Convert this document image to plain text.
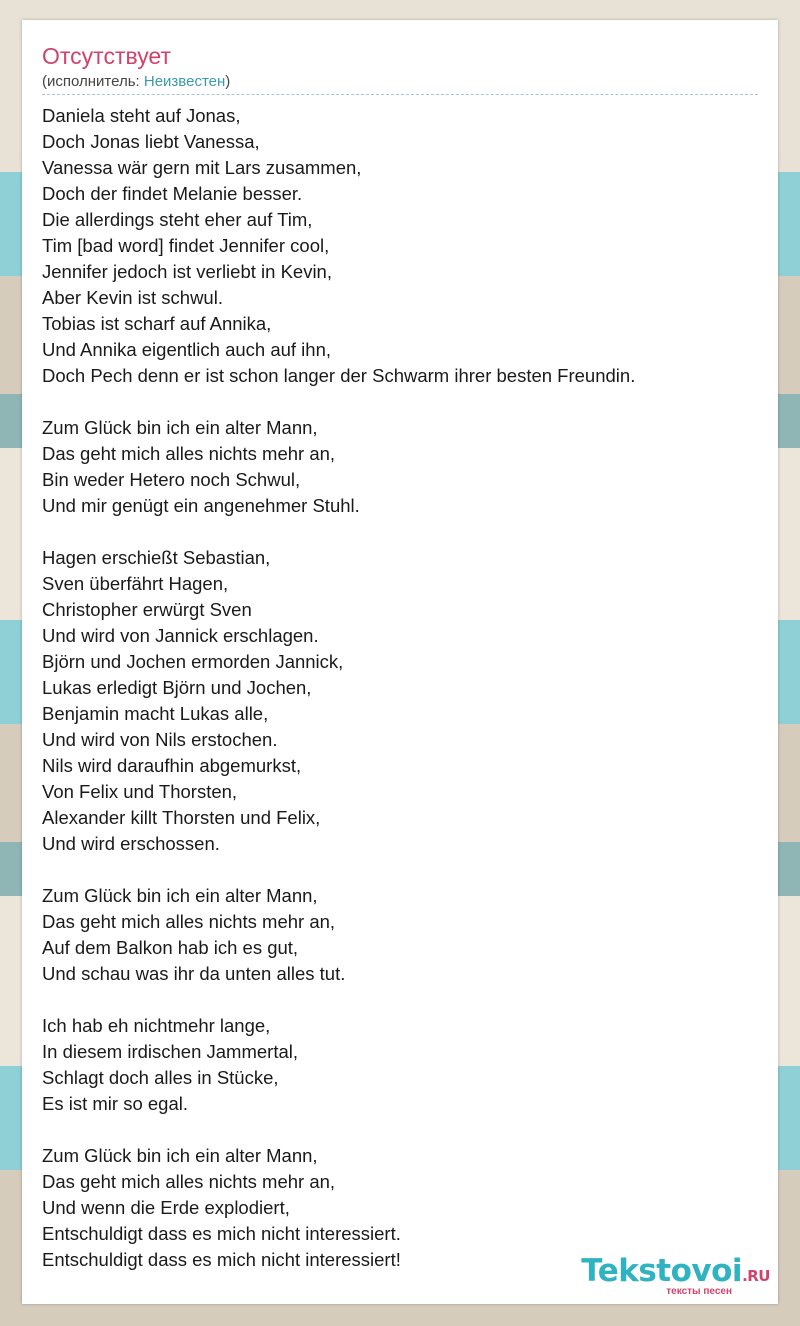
Отсутствует
(исполнитель: Неизвестен)
Daniela steht auf Jonas,
Doch Jonas liebt Vanessa,
Vanessa wär gern mit Lars zusammen,
Doch der findet Melanie besser.
Die allerdings steht eher auf Tim,
Tim [bad word] findet Jennifer cool,
Jennifer jedoch ist verliebt in Kevin,
Aber Kevin ist schwul.
Tobias ist scharf auf Annika,
Und Annika eigentlich auch auf ihn,
Doch Pech denn er ist schon langer der Schwarm ihrer besten Freundin.
Zum Glück bin ich ein alter Mann,
Das geht mich alles nichts mehr an,
Bin weder Hetero noch Schwul,
Und mir genügt ein angenehmer Stuhl.
Hagen erschießt Sebastian,
Sven überfährt Hagen,
Christopher erwürgt Sven
Und wird von Jannick erschlagen.
Björn und Jochen ermorden Jannick,
Lukas erledigt Björn und Jochen,
Benjamin macht Lukas alle,
Und wird von Nils erstochen.
Nils wird daraufhin abgemurkst,
Von Felix und Thorsten,
Alexander killt Thorsten und Felix,
Und wird erschossen.
Zum Glück bin ich ein alter Mann,
Das geht mich alles nichts mehr an,
Auf dem Balkon hab ich es gut,
Und schau was ihr da unten alles tut.
Ich hab eh nichtmehr lange,
In diesem irdischen Jammertal,
Schlagt doch alles in Stücke,
Es ist mir so egal.
Zum Glück bin ich ein alter Mann,
Das geht mich alles nichts mehr an,
Und wenn die Erde explodiert,
Entschuldigt dass es mich nicht interessiert.
Entschuldigt dass es mich nicht interessiert!	Tekstovoi.RU
тексты песен
